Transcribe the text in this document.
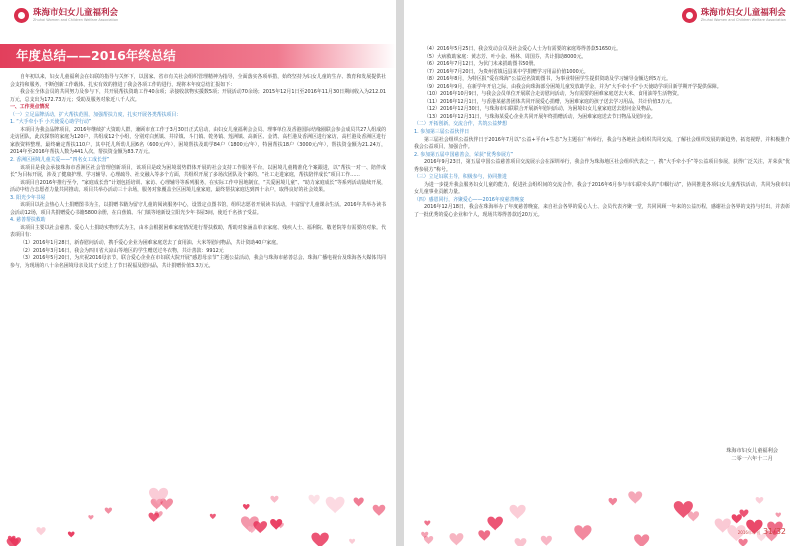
珠海市妇女儿童福利会
Zhuhai Women and Children Welfare Association
年度总结——2016年终总结

自年初以来，妇女儿童福利会在妇联的指导与关怀下，以国家、省市有关社会组织管理精神为指导，全面落实各项举措，始终坚持为妇女儿童的生存、教育和发展提供社会支持和服务，不断创新工作载体，扎实有效的推进了我会各项工作的进行，现将本年度总结汇报如下：

我会在全体会员的共同努力及参与下，共开展帮扶资助工作40余项；录接收款物实援数5项；开展活动70余场；2015年12月1日至2016年11月30日期间收入为212.01万元，总支出为172.73万元；受助及服务对象近八千人次。

一、工作亮点情况

（一）立足品牌活动，扩大帮扶范围，加强帮扶力度，扎实开展各类帮扶项目：

1. “大手牵小手 小天使爱心助学行动”

本项目为我会品牌项目，2016年继续扩大资助人群，兼顾市直工作于3月30日正式启动，由妇女儿童福利会会员、理事单位及香港国际结缘圈联会参会成员共27人组成的走访团队，此次探察的家庭为120户，共组成12个小组，分别对白蕉镇、井岸镇、斗门镇、乾务镇、莲洲镇、高新区、金湾、高栏港及香洲区进行家访，高栏港及香洲区进行家族资料整理。最终确定帮扶110户，其中托儿所幼儿园6名（600元/年），困境帮扶及助学84户（1800元/年），特困帮扶18户（3000元/年），帮扶资金额为21.24万，2014年至2016年帮扶人数为441人次，帮扶资金额为83.7万元。

2. 香洲区困境儿童关爱——“四名女工成长营”

该项目是我会承接珠海市香洲区社会管理创新项目，该项目是政为困境弱势群体开展的社会支持工作服务平台，以困境儿童精准化个案跟进，以“帮扶一对一、陪伴成长”为目标开展，涉及了健康护理、学习辅导、心理疏导、社交融入等多个方面，共组织开展了多场次团队及个案的，“社工走进家庭，帮扶陪伴成长”项目工作……

该项目自2016年推行至今，“家庭成长营”计划包括培训、家访、心理辅导等系列服务，在实际工作中因地制宜，“关爱困境儿童”、“助力家庭成长”等系列活动陆续开展，活动中结合志愿者力量共同推动。项目共举办活动三十余场，服务对象覆盖全区困境儿童家庭，最终帮扶家庭达到四十余户，取得良好的社会效果。

3. 阳光少年书屋

该项目以社会热心人士捐赠图书为主，以捐赠书籍为留守儿童的阅读服务中心，设置定点图书馆，组织志愿者开展读书活动，丰富留守儿童课余生活。2016年共举办读书会活动12场，项目共捐赠爱心书籍5800余册，在白蕉镇、斗门镇等地新设立阳光少年书屋3间，使近千名孩子受益。

4. 慈善帮扶救助

该项目主要以社会慈善、爱心人士捐助实物形式为主，由本会根据困难家庭情况进行帮扶救助，帮助对象涵盖单亲家庭、残疾人士、福利院、敬老院等有需要的对象。代表项目有：

（1）2016年1月28日，新春慰问活动，携手爱心企业为困难家庭送去了食用油、大米等慰问物品，共计资助40户家庭。

（2）2016年3月16日，我会为四川省大凉山等地区的学生赠送过冬衣物，共计善款：9912元

（3）2016年5月20日，为庆祝2016母亲节，联合爱心企业在市妇联大院开展“感恩母亲节”主题公益活动，我会与珠海市慈善总会、珠海广播电视台及珠海各大媒体共同参与，为现场的八十余名困境母亲及其子女送上了节日祝福及慰问品，共计捐赠价值3.3万元。

珠海市妇女儿童福利会
Zhuhai Women and Children Welfare Association

（4）2016年5月25日，我会发动会员及社会爱心人士为有需要的家庭筹得善款51650元。

（5）大病救助家庭：黄志芳、叶小金、杨林、周国芬，共计捐助8000元。

（6）2016年7月12日，为伏门未来捐助图书50册。

（7）2016年7月20日，为贵州省镇远县某中学捐赠学习用品价值1000元。

（8）2016年8月，为特区报“爱在珠海”公益冠名资助图书，为事业特困学生提供资助及学习辅导金额达到5万元。

（9）2016年9月，在新学年开启之际，由我会向珠海部分困境儿童发放助学金，并为“大手牵小手”小天使助学项目新学期开学提供保障。

（10）2016年10月9日，与我会会员单位开展联合走访慰问活动，为有需要的困难家庭送去大米、食用油等生活物资。

（11）2016年12月1日，与香港某慈善团体共同开展爱心捐赠，为困难家庭的孩子送去学习用品，共计价值3万元。

（12）2016年12月30日，与珠海市妇联联合开展新年慰问活动，为困境妇女儿童家庭送去慰问金及物品。

（13）2016年12月31日，与珠海某爱心企业共同开展年终捐赠活动，为困难家庭送去节日物品及慰问金。

（二）开拓创新，交流合作，共筑公益梦想

1. 参加第三届公益伙伴日

第三届社会组织公益伙伴日于2016年7月以“公益+平台+生态”为主题在广州举行，我会与各地社会组织共同交流，了解社会组织发展的新趋势，拓宽视野，并积极推介我会公益项目，加强合作。

2. 参加第五届中国慈善会，荣获“优秀参展方”

2016年9月23日，第五届中国公益慈善项目交流展示会在深圳举行，我会作为珠海地区社会组织代表之一，携“大手牵小手”等公益项目参展，获得广泛关注，并荣获“优秀参展方”称号。

（三）立足妇联主导，积极参与，协同推进

为进一步提升我会服务妇女儿童的能力，促进社会组织间的交流合作，我会于2016年6月参与市妇联牵头的“巾帼行动”，协同推进各项妇女儿童帮扶活动，共同为我市妇女儿童事业贡献力量。

（四）感恩同行，齐聚爱心——2016年度慈善晚宴

2016年12月18日，我会在珠海举办了年度慈善晚宴，来自社会各界的爱心人士、会员代表齐聚一堂，共同回顾一年来的公益历程，感谢社会各界的支持与付出，并表彰了一批优秀的爱心企业和个人，现场共筹得善款近20万元。

珠海市妇女儿童福利会
二零一六年十二月
2016年年刊 31/32
